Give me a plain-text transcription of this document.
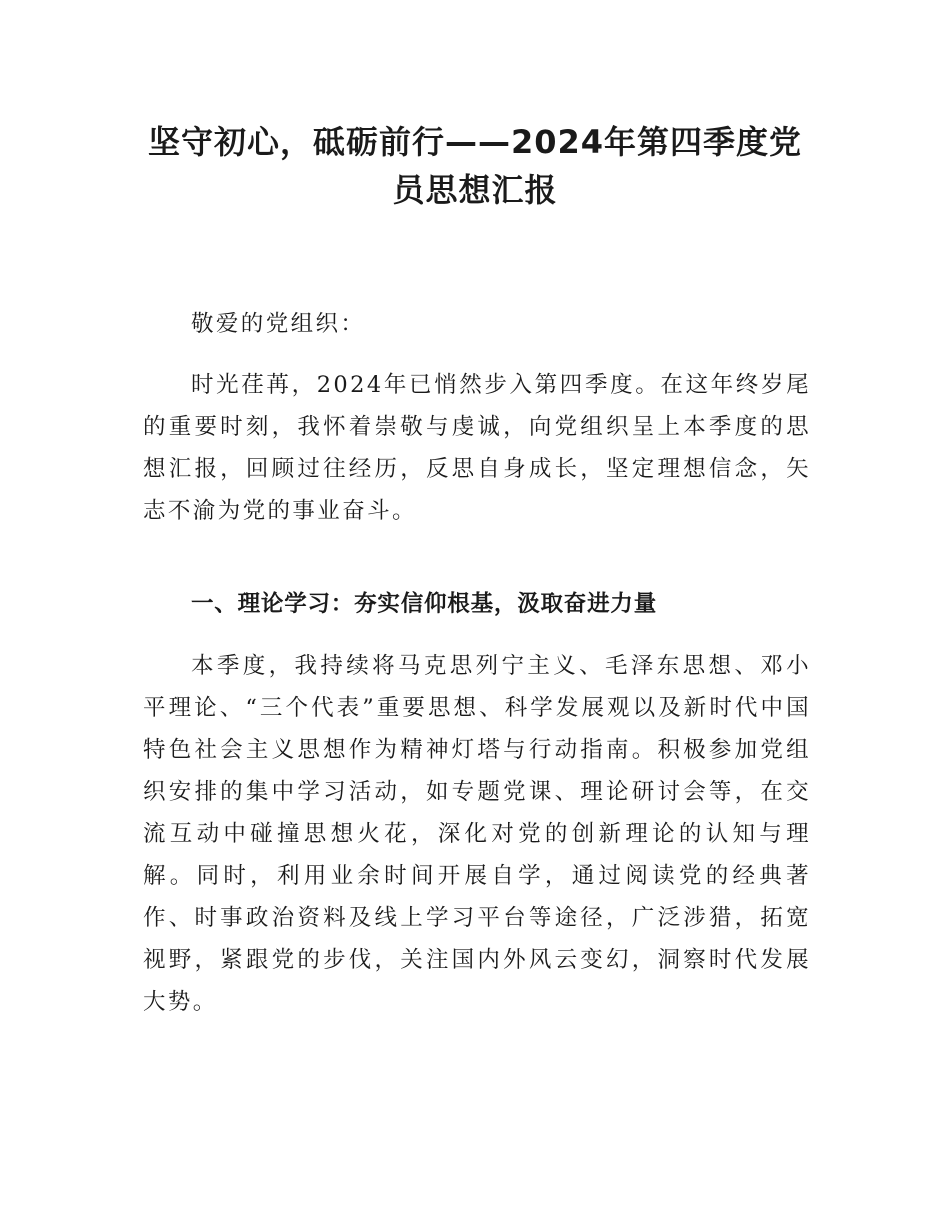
坚守初心，砥砺前行——2024年第四季度党员思想汇报

敬爱的党组织：

时光荏苒，2024年已悄然步入第四季度。在这年终岁尾的重要时刻，我怀着崇敬与虔诚，向党组织呈上本季度的思想汇报，回顾过往经历，反思自身成长，坚定理想信念，矢志不渝为党的事业奋斗。

一、理论学习：夯实信仰根基，汲取奋进力量

本季度，我持续将马克思列宁主义、毛泽东思想、邓小平理论、“三个代表”重要思想、科学发展观以及新时代中国特色社会主义思想作为精神灯塔与行动指南。积极参加党组织安排的集中学习活动，如专题党课、理论研讨会等，在交流互动中碰撞思想火花，深化对党的创新理论的认知与理解。同时，利用业余时间开展自学，通过阅读党的经典著作、时事政治资料及线上学习平台等途径，广泛涉猎，拓宽视野，紧跟党的步伐，关注国内外风云变幻，洞察时代发展大势。
